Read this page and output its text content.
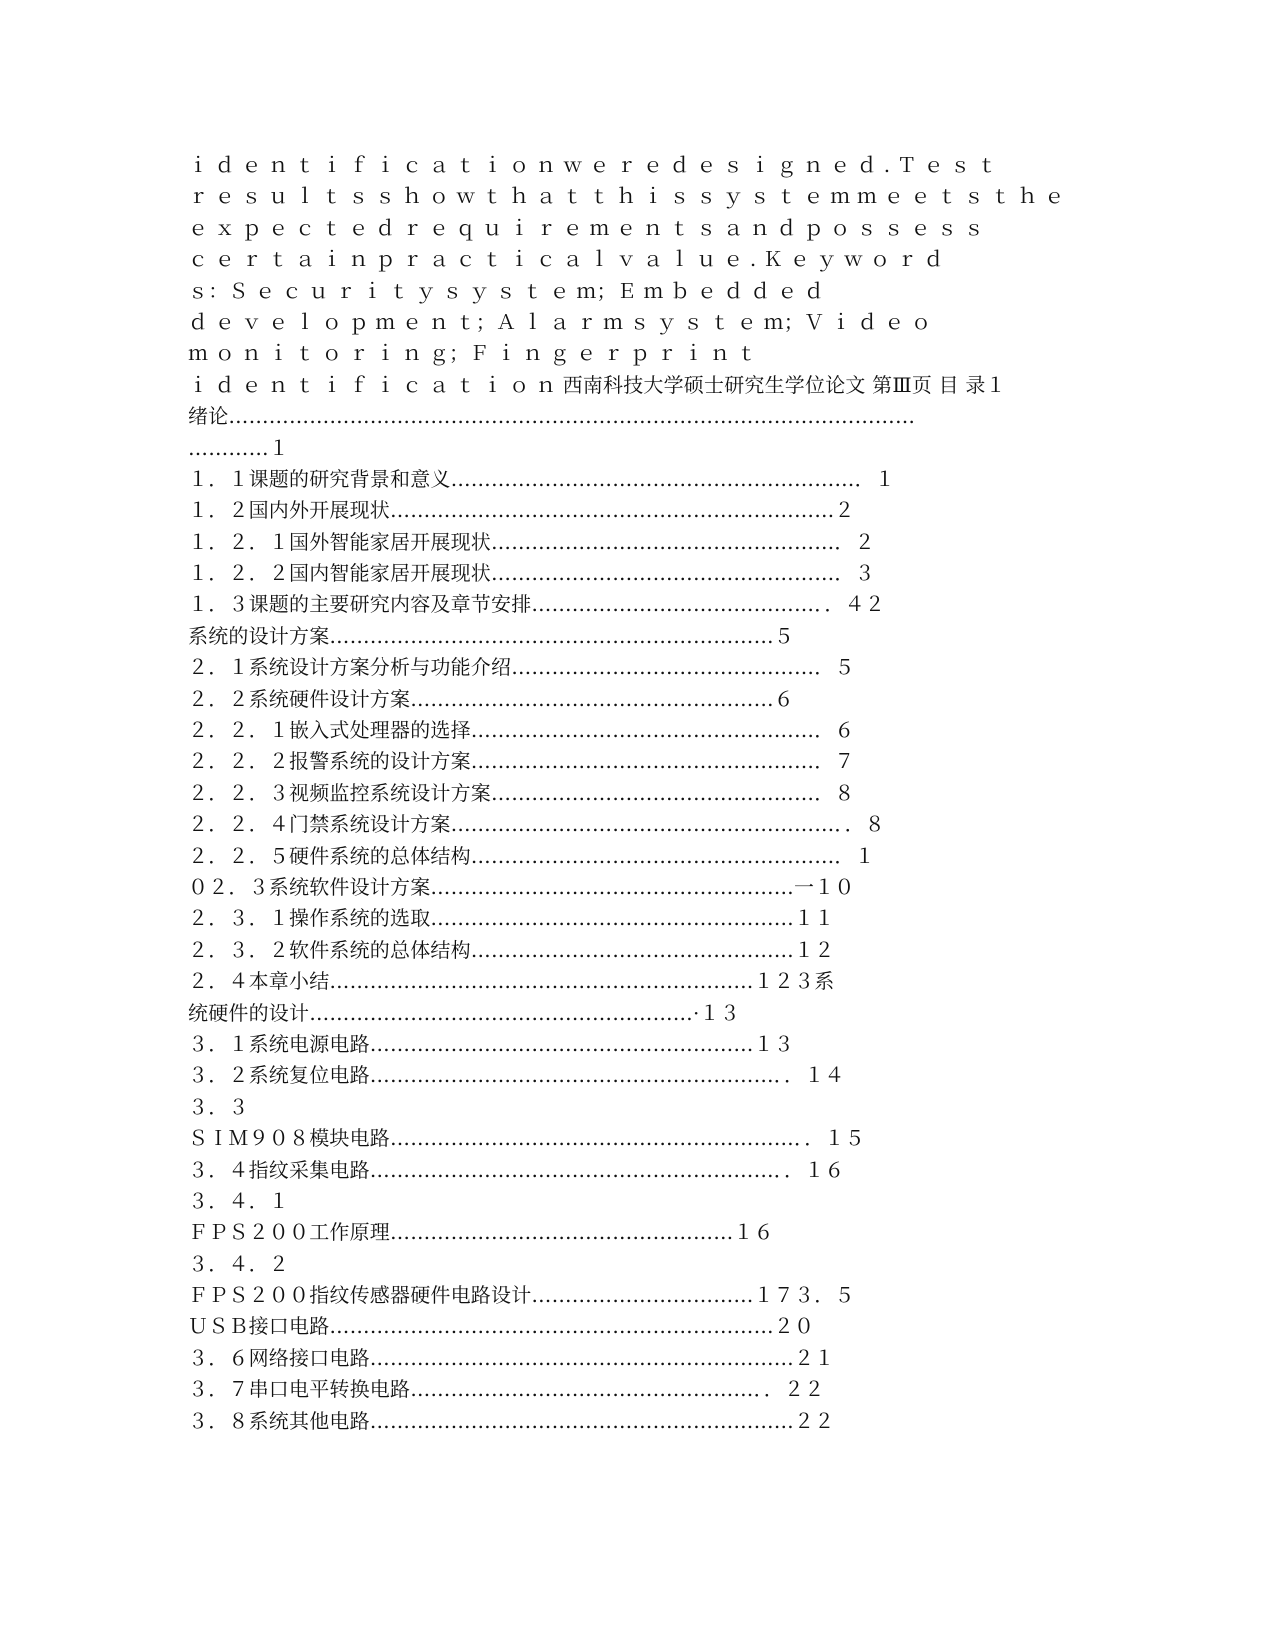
ｉ ｄ ｅ ｎ ｔ ｉ ｆ ｉ ｃ ａ ｔ ｉ ｏ ｎ ｗ ｅ ｒ ｅ ｄ ｅ ｓ ｉ ｇ ｎ ｅ ｄ . Ｔ ｅ ｓ ｔ
ｒ ｅ ｓ ｕ ｌ ｔ ｓ ｓ ｈ ｏ ｗ ｔ ｈ ａ ｔ ｔ ｈ ｉ ｓ ｓ ｙ ｓ ｔ ｅ ｍ ｍ ｅ ｅ ｔ ｓ ｔ ｈ ｅ
ｅ ｘ ｐ ｅ ｃ ｔ ｅ ｄ ｒ ｅ ｑ ｕ ｉ ｒ ｅ ｍ ｅ ｎ ｔ ｓ ａ ｎ ｄ ｐ ｏ ｓ ｓ ｅ ｓ ｓ
ｃ ｅ ｒ ｔ ａ ｉ ｎ ｐ ｒ ａ ｃ ｔ ｉ ｃ ａ ｌ ｖ ａ ｌ ｕ ｅ . Ｋ ｅ ｙ ｗ ｏ ｒ ｄ
ｓ：Ｓ ｅ ｃ ｕ ｒ ｉ ｔ ｙ ｓ ｙ ｓ ｔ ｅ ｍ；Ｅ ｍ ｂ ｅ ｄ ｄ ｅ ｄ
ｄ ｅ ｖ ｅ ｌ ｏ ｐ ｍ ｅ ｎ ｔ；Ａ ｌ ａ ｒ ｍ ｓ ｙ ｓ ｔ ｅ ｍ；Ｖ ｉ ｄ ｅ ｏ
ｍ ｏ ｎ ｉ ｔ ｏ ｒ ｉ ｎ ｇ；Ｆ ｉ ｎ ｇ ｅ ｒ ｐ ｒ ｉ ｎ ｔ
ｉ ｄ ｅ ｎ ｔ ｉ ｆ ｉ ｃ ａ ｔ ｉ ｏ ｎ 西南科技大学硕士研究生学位论文 第Ⅲ页 目 录１
绪论…………………………………………………………………………………………
…………１
１．１课题的研究背景和意义……………………………………………………．１
１．２国内外开展现状…………………………………………………………２
１．２．１国外智能家居开展现状……………………………………………．２
１．２．２国内智能家居开展现状……………………………………………．３
１．３课题的主要研究内容及章节安排……………………………………．．４２
系统的设计方案…………………………………………………………５
２．１系统设计方案分析与功能介绍………………………………………．５
２．２系统硬件设计方案………………………………………………６
２．２．１嵌入式处理器的选择……………………………………………．６
２．２．２报警系统的设计方案……………………………………………．７
２．２．３视频监控系统设计方案…………………………………………．８
２．２．４门禁系统设计方案…………………………………………………．．８
２．２．５硬件系统的总体结构………………………………………………．１
０２．３系统软件设计方案………………………………………………一１０
２．３．１操作系统的选取………………………………………………１１
２．３．２软件系统的总体结构…………………………………………１２
２．４本章小结………………………………………………………１２３系
统硬件的设计…………………………………………………·１３
３．１系统电源电路…………………………………………………１３
３．２系统复位电路……………………………………………………．．１４
３．３
ＳＩＭ９０８模块电路……………………………………………………．．１５
３．４指纹采集电路……………………………………………………．．１６
３．４．１
ＦＰＳ２００工作原理……………………………………………１６
３．４．２
ＦＰＳ２００指纹传感器硬件电路设计……………………………１７３．５
ＵＳＢ接口电路…………………………………………………………２０
３．６网络接口电路………………………………………………………２１
３．７串口电平转换电路……………………………………………．．２２
３．８系统其他电路………………………………………………………２２
